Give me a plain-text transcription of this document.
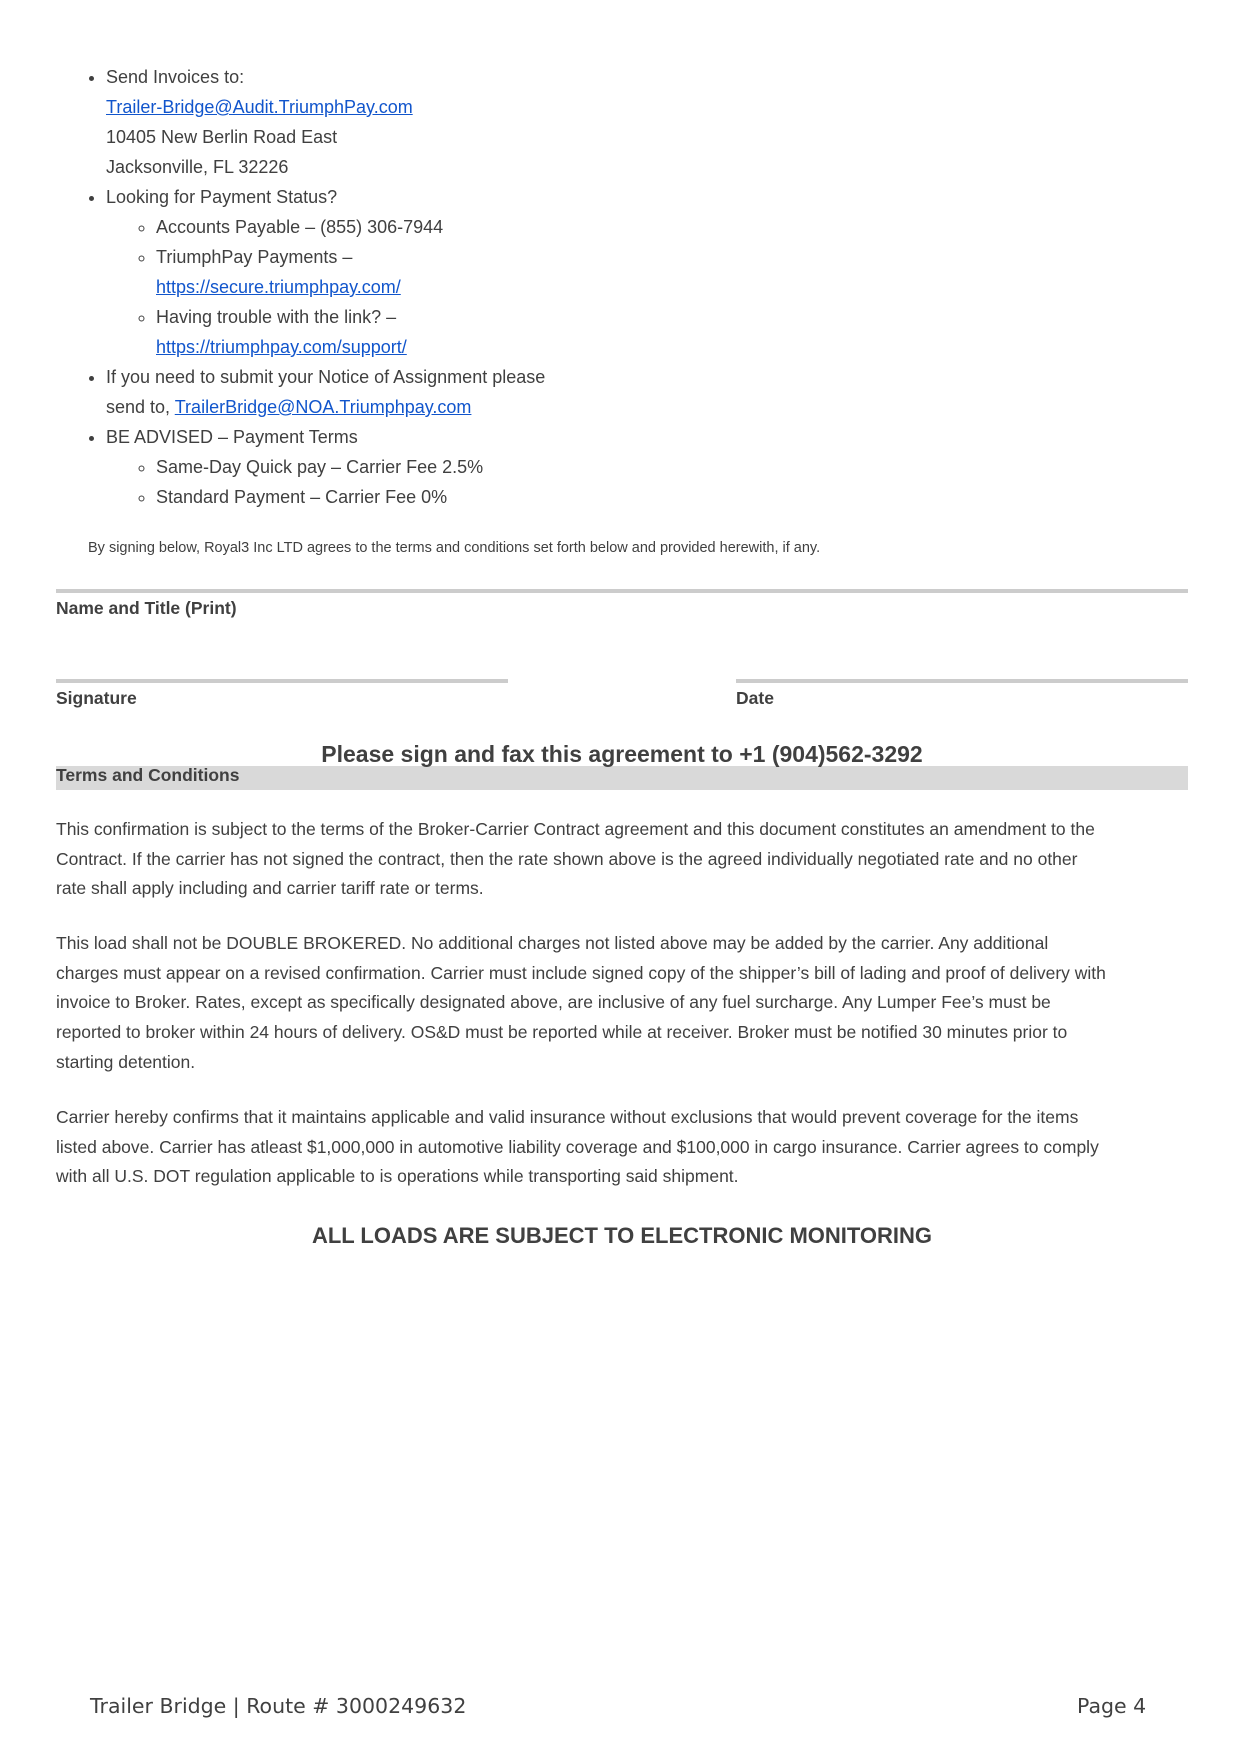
• Send Invoices to:
Trailer-Bridge@Audit.TriumphPay.com
10405 New Berlin Road East
Jacksonville, FL 32226
• Looking for Payment Status?
◦ Accounts Payable – (855) 306-7944
◦ TriumphPay Payments –
https://secure.triumphpay.com/
◦ Having trouble with the link? –
https://triumphpay.com/support/
• If you need to submit your Notice of Assignment please
send to, TrailerBridge@NOA.Triumphpay.com
• BE ADVISED – Payment Terms
◦ Same-Day Quick pay – Carrier Fee 2.5%
◦ Standard Payment – Carrier Fee 0%
By signing below, Royal3 Inc LTD agrees to the terms and conditions set forth below and provided herewith, if any.
Name and Title (Print)
Signature	Date
Please sign and fax this agreement to +1 (904)562-3292
Terms and Conditions

This confirmation is subject to the terms of the Broker-Carrier Contract agreement and this document constitutes an amendment to the
Contract. If the carrier has not signed the contract, then the rate shown above is the agreed individually negotiated rate and no other
rate shall apply including and carrier tariff rate or terms.

This load shall not be DOUBLE BROKERED. No additional charges not listed above may be added by the carrier. Any additional
charges must appear on a revised confirmation. Carrier must include signed copy of the shipper’s bill of lading and proof of delivery with
invoice to Broker. Rates, except as specifically designated above, are inclusive of any fuel surcharge. Any Lumper Fee’s must be
reported to broker within 24 hours of delivery. OS&D must be reported while at receiver. Broker must be notified 30 minutes prior to
starting detention.

Carrier hereby confirms that it maintains applicable and valid insurance without exclusions that would prevent coverage for the items
listed above. Carrier has atleast $1,000,000 in automotive liability coverage and $100,000 in cargo insurance. Carrier agrees to comply
with all U.S. DOT regulation applicable to is operations while transporting said shipment.

ALL LOADS ARE SUBJECT TO ELECTRONIC MONITORING
Trailer Bridge | Route # 3000249632	Page 4
